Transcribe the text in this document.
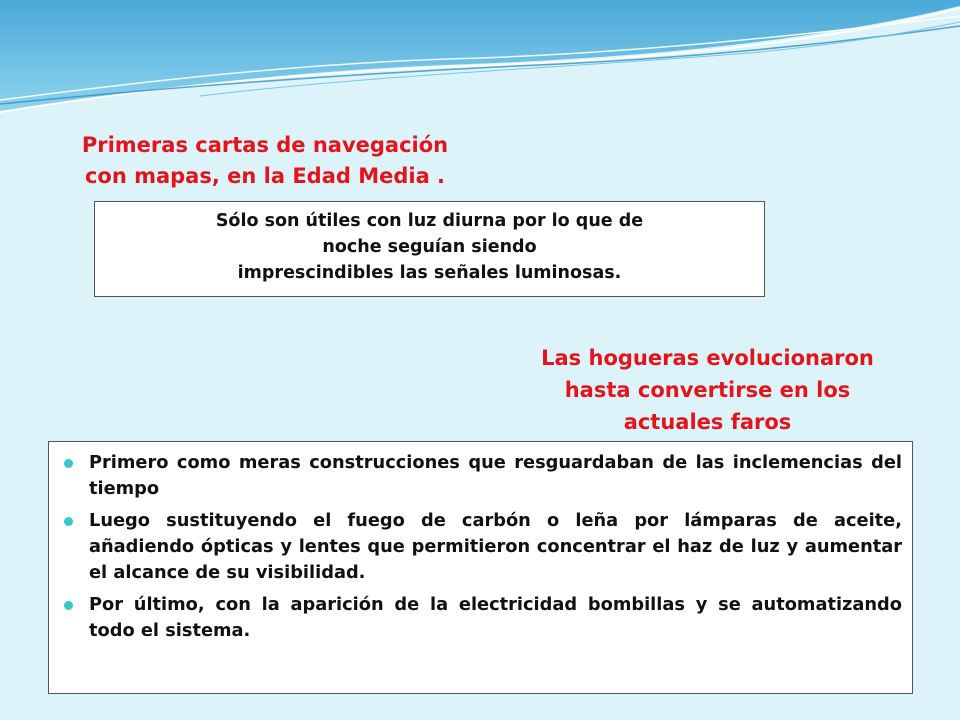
Primeras cartas de navegación
con mapas, en la Edad Media .
Sólo son útiles con luz diurna por lo que de
noche seguían siendo
imprescindibles las señales luminosas.
Las hogueras evolucionaron
hasta convertirse en los
actuales faros
Primero como meras construcciones que resguardaban de las inclemencias del tiempo
Luego sustituyendo el fuego de carbón o leña por lámparas de aceite, añadiendo ópticas y lentes que permitieron concentrar el haz de luz y aumentar el alcance de su visibilidad.
Por último, con la aparición de la electricidad bombillas y se automatizando todo el sistema.
